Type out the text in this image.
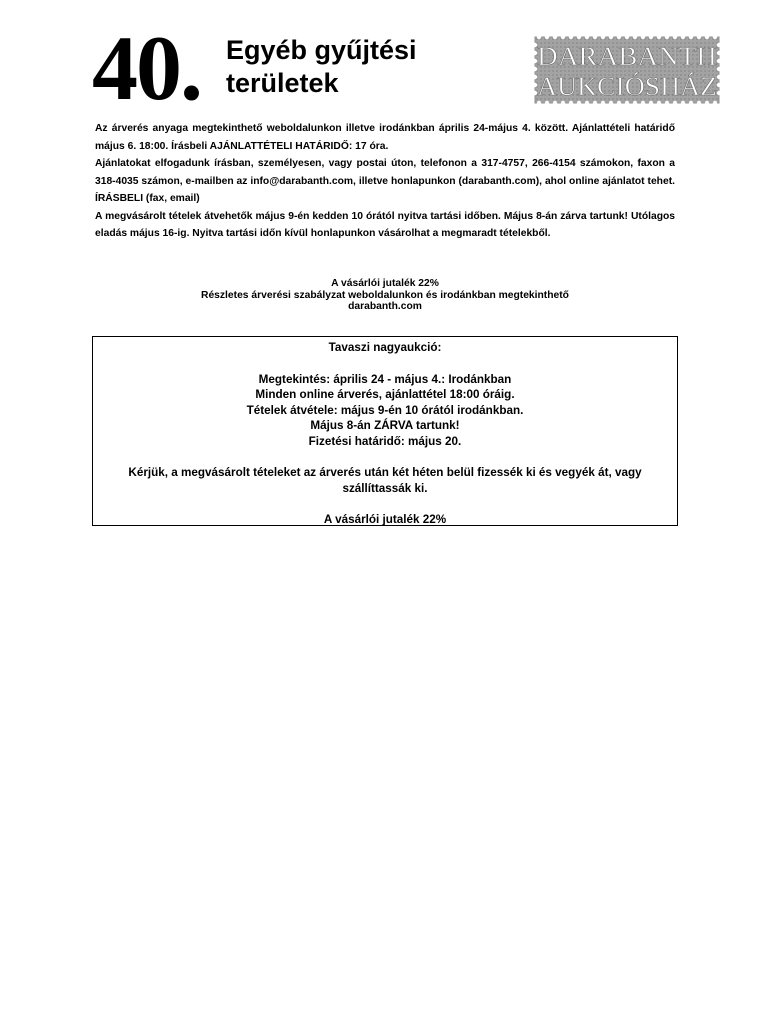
40. Egyéb gyűjtési
területek
DARABANTH
AUKCIÓSHÁZ

Az árverés anyaga megtekinthető weboldalunkon illetve irodánkban április 24-május 4. között. Ajánlattételi határidő május 6. 18:00. Írásbeli AJÁNLATTÉTELI HATÁRIDŐ: 17 óra.

Ajánlatokat elfogadunk írásban, személyesen, vagy postai úton, telefonon a 317-4757, 266-4154 számokon, faxon a 318-4035 számon, e-mailben az info@darabanth.com, illetve honlapunkon (darabanth.com), ahol online ajánlatot tehet. ÍRÁSBELI (fax, email)

A megvásárolt tételek átvehetők május 9-én kedden 10 órától nyitva tartási időben. Május 8-án zárva tartunk! Utólagos eladás május 16-ig. Nyitva tartási időn kívül honlapunkon vásárolhat a megmaradt tételekből.

A vásárlói jutalék 22%
Részletes árverési szabályzat weboldalunkon és irodánkban megtekinthető
darabanth.com
Tavaszi nagyaukció:
Megtekintés: április 24 - május 4.: Irodánkban
Minden online árverés, ajánlattétel 18:00 óráig.
Tételek átvétele: május 9-én 10 órától irodánkban.
Május 8-án ZÁRVA tartunk!
Fizetési határidő: május 20.
Kérjük, a megvásárolt tételeket az árverés után két héten belül fizessék ki és vegyék át, vagy szállíttassák ki.
A vásárlói jutalék 22%
